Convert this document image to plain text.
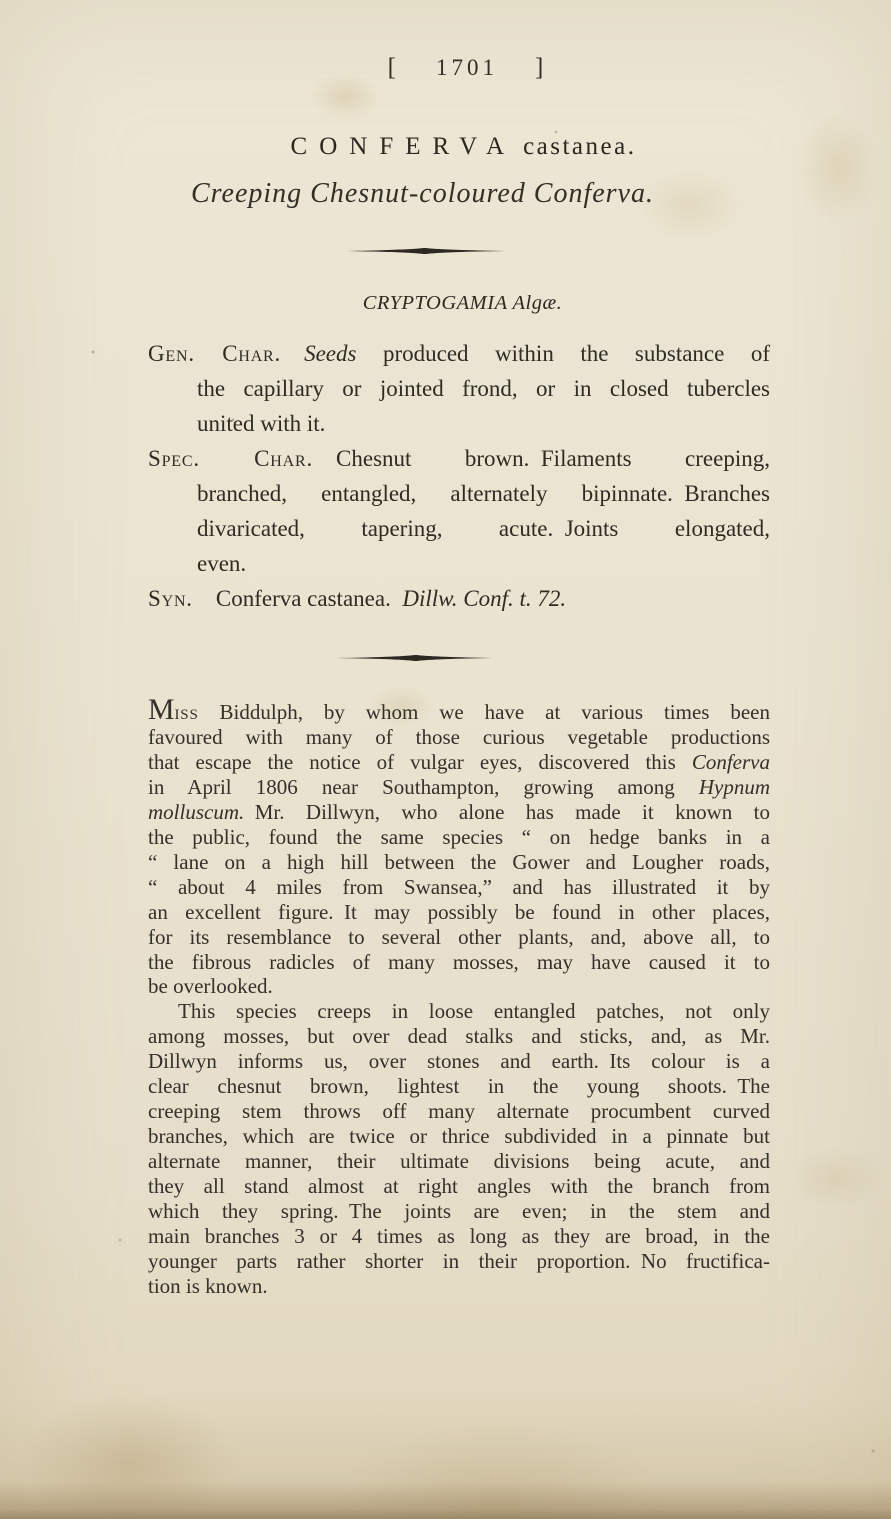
[ 1701 ]
CONFERVA castanea.
Creeping Chesnut-coloured Conferva.
CRYPTOGAMIA Algæ.
Gen. Char.  Seeds produced within the substance of
the capillary or jointed frond, or in closed tubercles
united with it.
Spec. Char. Chesnut brown. Filaments creeping,
branched, entangled, alternately bipinnate. Branches
divaricated, tapering, acute. Joints elongated,
even.
Syn. Conferva castanea. Dillw. Conf. t. 72.
Miss Biddulph, by whom we have at various times been
favoured with many of those curious vegetable productions
that escape the notice of vulgar eyes, discovered this Conferva
in April 1806 near Southampton, growing among Hypnum
molluscum. Mr. Dillwyn, who alone has made it known to
the public, found the same species “ on hedge banks in a
“ lane on a high hill between the Gower and Lougher roads,
“ about 4 miles from Swansea,” and has illustrated it by
an excellent figure. It may possibly be found in other places,
for its resemblance to several other plants, and, above all, to
the fibrous radicles of many mosses, may have caused it to
be overlooked.
This species creeps in loose entangled patches, not only
among mosses, but over dead stalks and sticks, and, as Mr.
Dillwyn informs us, over stones and earth. Its colour is a
clear chesnut brown, lightest in the young shoots. The
creeping stem throws off many alternate procumbent curved
branches, which are twice or thrice subdivided in a pinnate but
alternate manner, their ultimate divisions being acute, and
they all stand almost at right angles with the branch from
which they spring. The joints are even; in the stem and
main branches 3 or 4 times as long as they are broad, in the
younger parts rather shorter in their proportion. No fructifica-
tion is known.
